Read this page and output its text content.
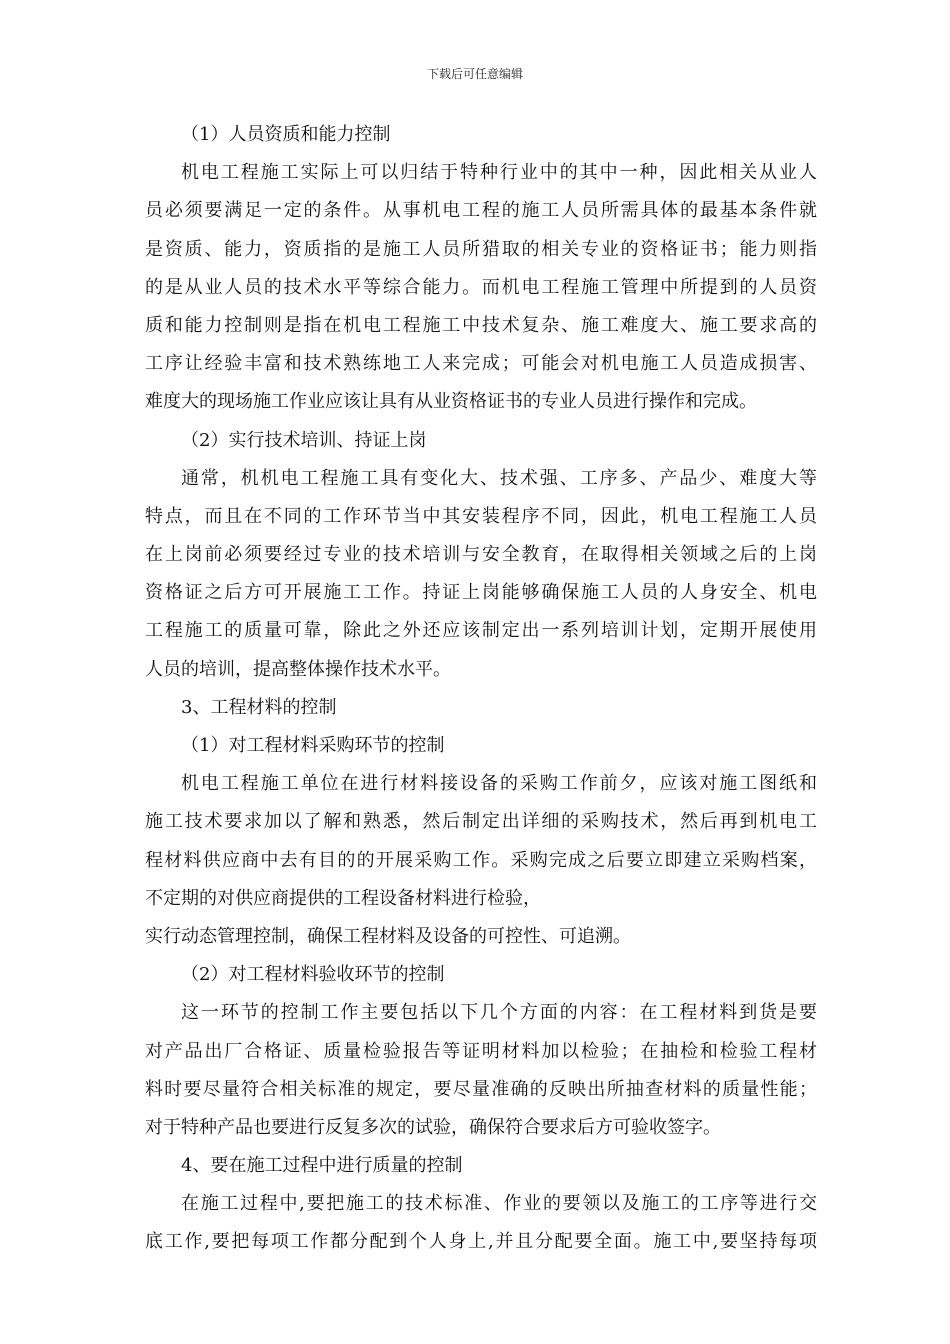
下载后可任意编辑
（1）人员资质和能力控制
机电工程施工实际上可以归结于特种行业中的其中一种，因此相关从业人
员必须要满足一定的条件。从事机电工程的施工人员所需具体的最基本条件就
是资质、能力，资质指的是施工人员所猎取的相关专业的资格证书；能力则指
的是从业人员的技术水平等综合能力。而机电工程施工管理中所提到的人员资
质和能力控制则是指在机电工程施工中技术复杂、施工难度大、施工要求高的
工序让经验丰富和技术熟练地工人来完成；可能会对机电施工人员造成损害、
难度大的现场施工作业应该让具有从业资格证书的专业人员进行操作和完成。
（2）实行技术培训、持证上岗
通常，机机电工程施工具有变化大、技术强、工序多、产品少、难度大等
特点，而且在不同的工作环节当中其安装程序不同，因此，机电工程施工人员
在上岗前必须要经过专业的技术培训与安全教育，在取得相关领域之后的上岗
资格证之后方可开展施工工作。持证上岗能够确保施工人员的人身安全、机电
工程施工的质量可靠，除此之外还应该制定出一系列培训计划，定期开展使用
人员的培训，提高整体操作技术水平。
3、工程材料的控制
（1）对工程材料采购环节的控制
机电工程施工单位在进行材料接设备的采购工作前夕，应该对施工图纸和
施工技术要求加以了解和熟悉，然后制定出详细的采购技术，然后再到机电工
程材料供应商中去有目的的开展采购工作。采购完成之后要立即建立采购档案，
不定期的对供应商提供的工程设备材料进行检验，
实行动态管理控制，确保工程材料及设备的可控性、可追溯。
（2）对工程材料验收环节的控制
这一环节的控制工作主要包括以下几个方面的内容：在工程材料到货是要
对产品出厂合格证、质量检验报告等证明材料加以检验；在抽检和检验工程材
料时要尽量符合相关标准的规定，要尽量准确的反映出所抽查材料的质量性能；
对于特种产品也要进行反复多次的试验，确保符合要求后方可验收签字。
4、要在施工过程中进行质量的控制
在施工过程中,要把施工的技术标准、作业的要领以及施工的工序等进行交
底工作,要把每项工作都分配到个人身上,并且分配要全面。施工中,要坚持每项
